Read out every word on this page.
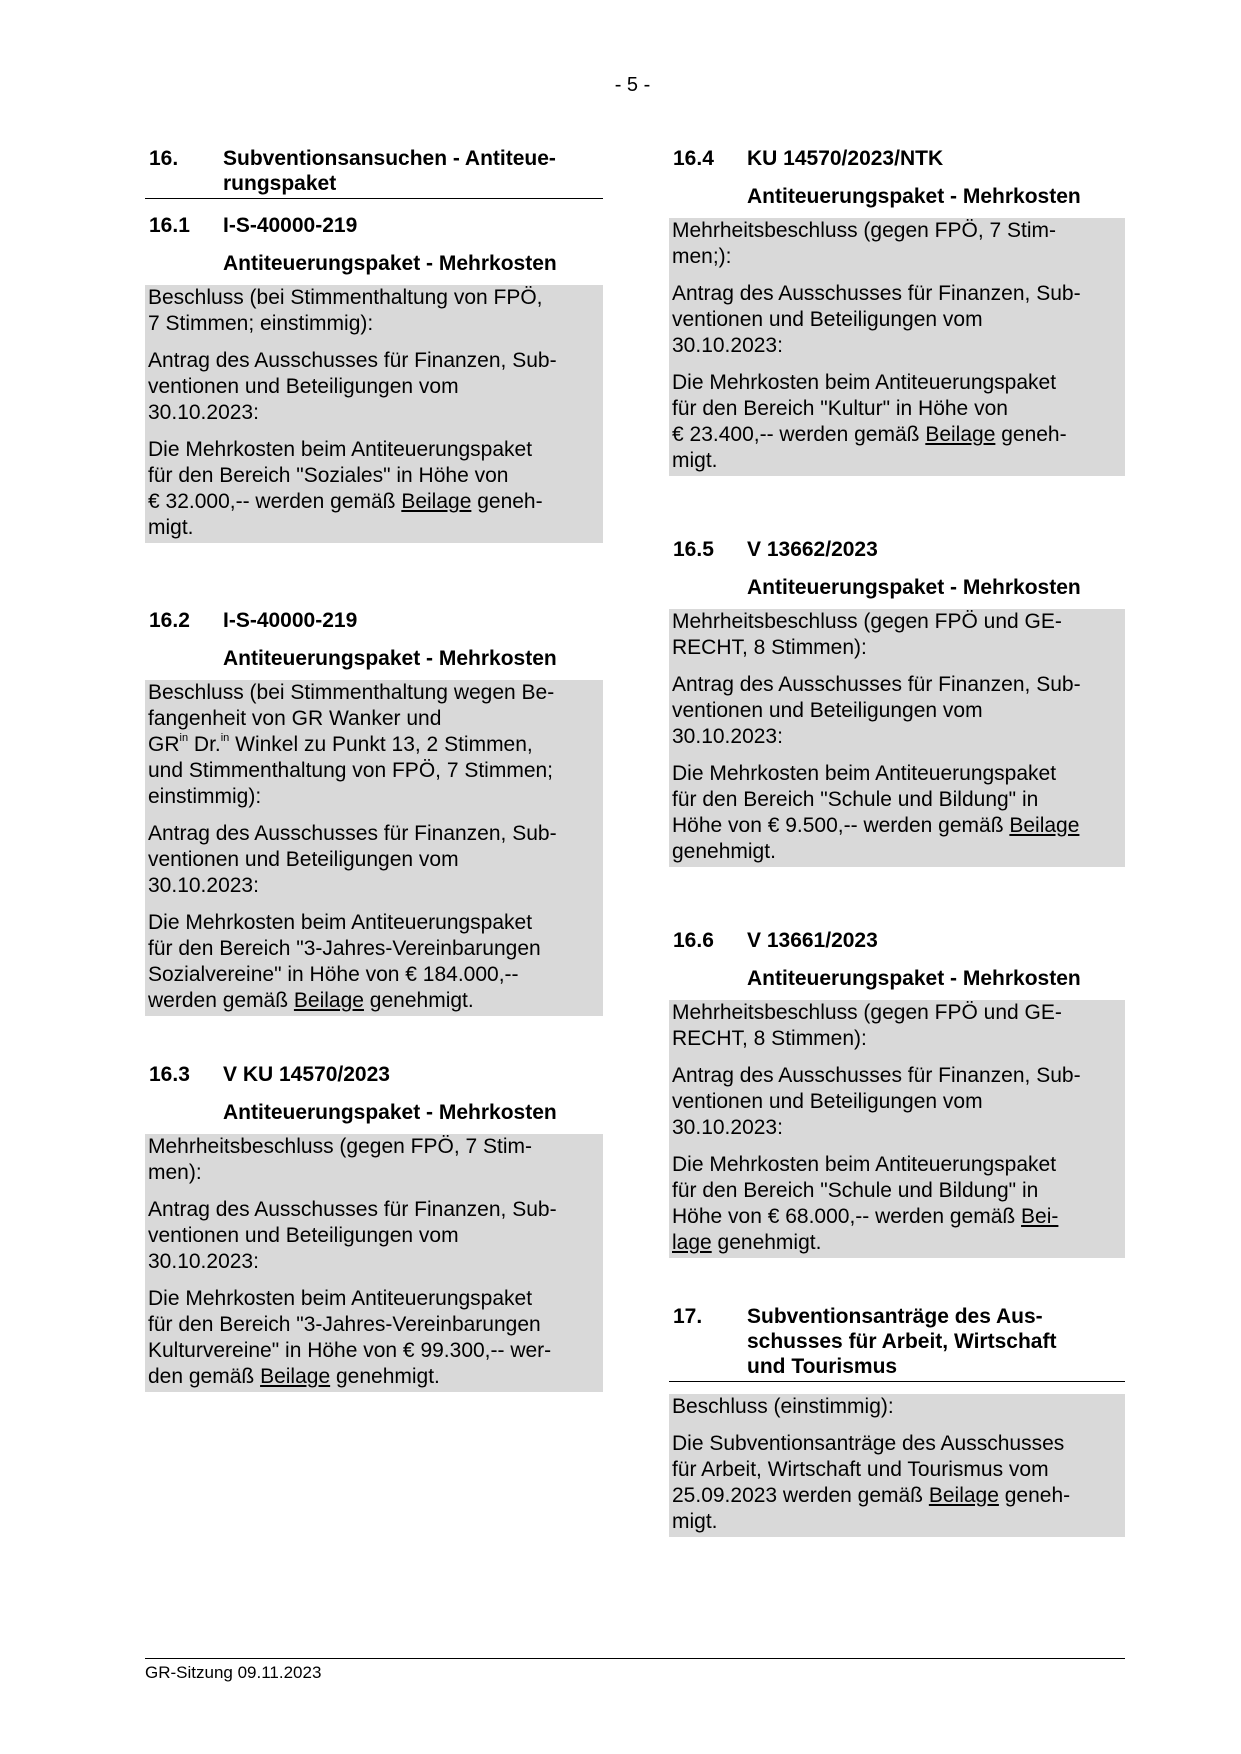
- 5 -
16.	Subventionsansuchen - Antiteue-
rungspaket
16.1	I-S-40000-219
Antiteuerungspaket - Mehrkosten

Beschluss (bei Stimmenthaltung von FPÖ,
7 Stimmen; einstimmig):

Antrag des Ausschusses für Finanzen, Sub-
ventionen und Beteiligungen vom
30.10.2023:

Die Mehrkosten beim Antiteuerungspaket
für den Bereich "Soziales" in Höhe von
€ 32.000,-- werden gemäß Beilage geneh-
migt.

16.2	I-S-40000-219
Antiteuerungspaket - Mehrkosten

Beschluss (bei Stimmenthaltung wegen Be-
fangenheit von GR Wanker und
$GR^{in}$ Dr.$^{in}$ Winkel zu Punkt 13, 2 Stimmen,
und Stimmenthaltung von FPÖ, 7 Stimmen;
einstimmig):

Antrag des Ausschusses für Finanzen, Sub-
ventionen und Beteiligungen vom
30.10.2023:

Die Mehrkosten beim Antiteuerungspaket
für den Bereich "3-Jahres-Vereinbarungen
Sozialvereine" in Höhe von € 184.000,--
werden gemäß Beilage genehmigt.

16.3	V KU 14570/2023
Antiteuerungspaket - Mehrkosten

Mehrheitsbeschluss (gegen FPÖ, 7 Stim-
men):

Antrag des Ausschusses für Finanzen, Sub-
ventionen und Beteiligungen vom
30.10.2023:

Die Mehrkosten beim Antiteuerungspaket
für den Bereich "3-Jahres-Vereinbarungen
Kulturvereine" in Höhe von € 99.300,-- wer-
den gemäß Beilage genehmigt.

16.4	KU 14570/2023/NTK
Antiteuerungspaket - Mehrkosten

Mehrheitsbeschluss (gegen FPÖ, 7 Stim-
men;):

Antrag des Ausschusses für Finanzen, Sub-
ventionen und Beteiligungen vom
30.10.2023:

Die Mehrkosten beim Antiteuerungspaket
für den Bereich "Kultur" in Höhe von
€ 23.400,-- werden gemäß Beilage geneh-
migt.

16.5	V 13662/2023
Antiteuerungspaket - Mehrkosten

Mehrheitsbeschluss (gegen FPÖ und GE-
RECHT, 8 Stimmen):

Antrag des Ausschusses für Finanzen, Sub-
ventionen und Beteiligungen vom
30.10.2023:

Die Mehrkosten beim Antiteuerungspaket
für den Bereich "Schule und Bildung" in
Höhe von € 9.500,-- werden gemäß Beilage
genehmigt.

16.6	V 13661/2023
Antiteuerungspaket - Mehrkosten

Mehrheitsbeschluss (gegen FPÖ und GE-
RECHT, 8 Stimmen):

Antrag des Ausschusses für Finanzen, Sub-
ventionen und Beteiligungen vom
30.10.2023:

Die Mehrkosten beim Antiteuerungspaket
für den Bereich "Schule und Bildung" in
Höhe von € 68.000,-- werden gemäß Bei-
lage genehmigt.

17.	Subventionsanträge des Aus-
schusses für Arbeit, Wirtschaft
und Tourismus

Beschluss (einstimmig):

Die Subventionsanträge des Ausschusses
für Arbeit, Wirtschaft und Tourismus vom
25.09.2023 werden gemäß Beilage geneh-
migt.

GR-Sitzung 09.11.2023
